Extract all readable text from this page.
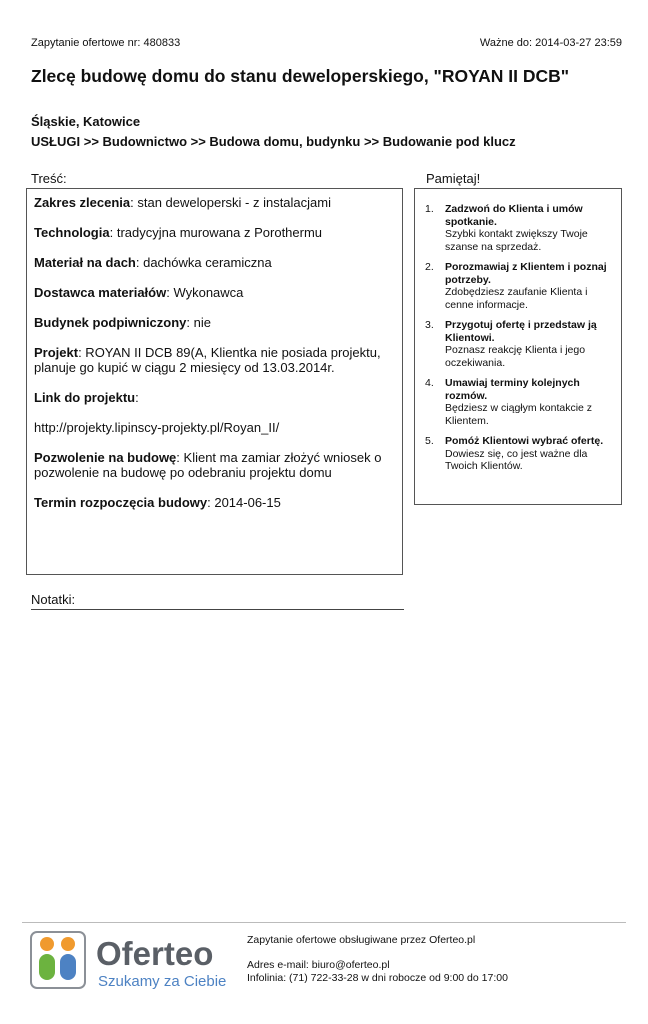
Zapytanie ofertowe nr: 480833	Ważne do: 2014-03-27 23:59
Zlecę budowę domu do stanu deweloperskiego, "ROYAN II DCB"
Śląskie, Katowice
USŁUGI >> Budownictwo >> Budowa domu, budynku >> Budowanie pod klucz
Treść:
Zakres zlecenia: stan deweloperski - z instalacjami
Technologia: tradycyjna murowana z Porothermu
Materiał na dach: dachówka ceramiczna
Dostawca materiałów: Wykonawca
Budynek podpiwniczony: nie
Projekt: ROYAN II DCB 89(A, Klientka nie posiada projektu, planuje go kupić w ciągu 2 miesięcy od 13.03.2014r.
Link do projektu:
http://projekty.lipinscy-projekty.pl/Royan_II/
Pozwolenie na budowę: Klient ma zamiar złożyć wniosek o pozwolenie na budowę po odebraniu projektu domu
Termin rozpoczęcia budowy: 2014-06-15
Notatki:
Pamiętaj!
1.	Zadzwoń do Klienta i umów spotkanie.
Szybki kontakt zwiększy Twoje szanse na sprzedaż.
2.	Porozmawiaj z Klientem i poznaj potrzeby.
Zdobędziesz zaufanie Klienta i cenne informacje.
3.	Przygotuj ofertę i przedstaw ją Klientowi.
Poznasz reakcję Klienta i jego oczekiwania.
4.	Umawiaj terminy kolejnych rozmów.
Będziesz w ciągłym kontakcie z Klientem.
5.	Pomóż Klientowi wybrać ofertę.
Dowiesz się, co jest ważne dla Twoich Klientów.
Oferteo
Szukamy za Ciebie
Zapytanie ofertowe obsługiwane przez Oferteo.pl
Adres e-mail: biuro@oferteo.pl
Infolinia: (71) 722-33-28 w dni robocze od 9:00 do 17:00
